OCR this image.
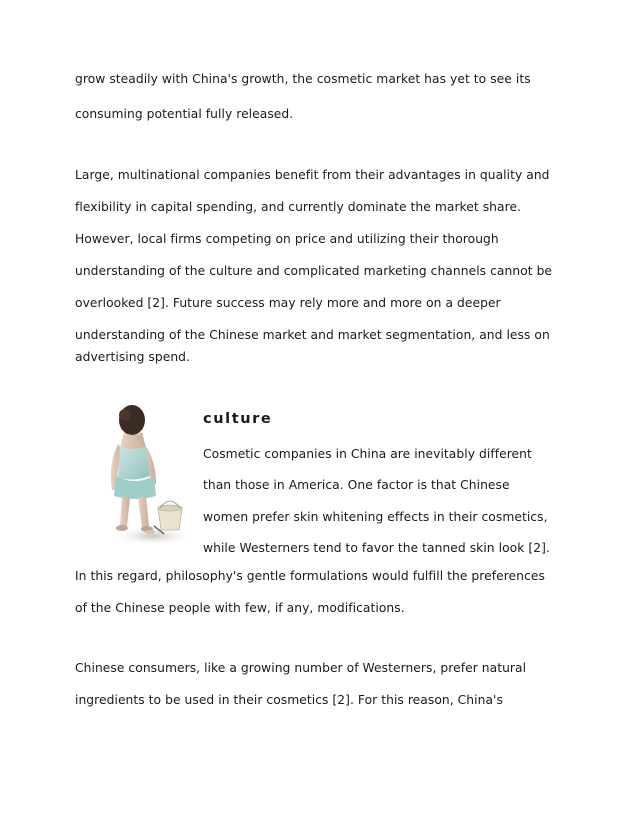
grow steadily with China's growth, the cosmetic market has yet to see its
consuming potential fully released.
Large, multinational companies benefit from their advantages in quality and
flexibility in capital spending, and currently dominate the market share.
However, local firms competing on price and utilizing their thorough
understanding of the culture and complicated marketing channels cannot be
overlooked [2]. Future success may rely more and more on a deeper
understanding of the Chinese market and market segmentation, and less on
advertising spend.
culture
Cosmetic companies in China are inevitably different
than those in America. One factor is that Chinese
women prefer skin whitening effects in their cosmetics,
while Westerners tend to favor the tanned skin look [2].
In this regard, philosophy's gentle formulations would fulfill the preferences
of the Chinese people with few, if any, modifications.
Chinese consumers, like a growing number of Westerners, prefer natural
ingredients to be used in their cosmetics [2]. For this reason, China's
